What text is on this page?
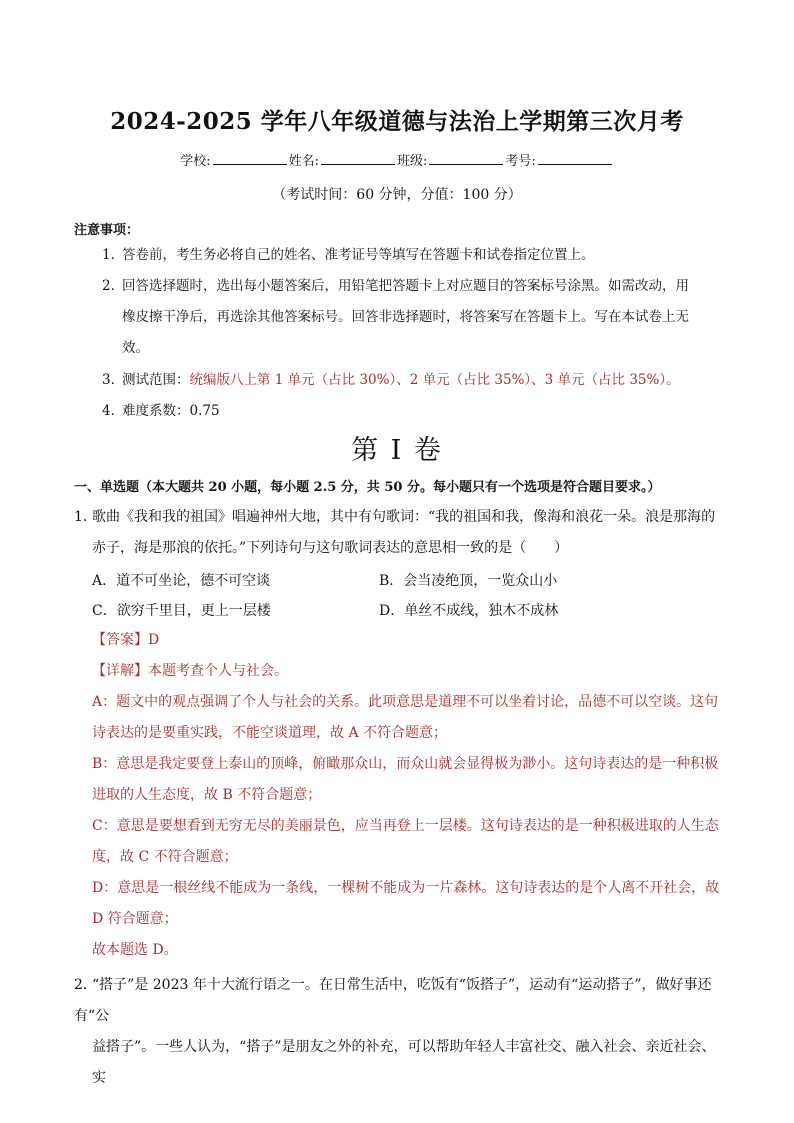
2024-2025 学年八年级道德与法治上学期第三次月考
学校:	姓名:	班级:	考号:
（考试时间：60 分钟，分值：100 分）
注意事项：
1．答卷前，考生务必将自己的姓名、准考证号等填写在答题卡和试卷指定位置上。
2．回答选择题时，选出每小题答案后，用铅笔把答题卡上对应题目的答案标号涂黑。如需改动，用
橡皮擦干净后，再选涂其他答案标号。回答非选择题时，将答案写在答题卡上。写在本试卷上无
效。
3．测试范围：统编版八上第 1 单元（占比 30%）、2 单元（占比 35%）、3 单元（占比 35%）。
4．难度系数：0.75
第 I 卷
一、单选题（本大题共 20 小题，每小题 2.5 分，共 50 分。每小题只有一个选项是符合题目要求。）
1．歌曲《我和我的祖国》唱遍神州大地，其中有句歌词：“我的祖国和我，像海和浪花一朵。浪是那海的
赤子，海是那浪的依托。”下列诗句与这句歌词表达的意思相一致的是（　　）
A．道不可坐论，德不可空谈	B．会当凌绝顶，一览众山小
C．欲穷千里目，更上一层楼	D．单丝不成线，独木不成林

【答案】D

【详解】本题考查个人与社会。

A：题文中的观点强调了个人与社会的关系。此项意思是道理不可以坐着讨论，品德不可以空谈。这句

诗表达的是要重实践，不能空谈道理，故 A 不符合题意；

B：意思是我定要登上泰山的顶峰，俯瞰那众山，而众山就会显得极为渺小。这句诗表达的是一种积极

进取的人生态度，故 B 不符合题意；

C：意思是要想看到无穷无尽的美丽景色，应当再登上一层楼。这句诗表达的是一种积极进取的人生态

度，故 C 不符合题意；

D：意思是一根丝线不能成为一条线，一棵树不能成为一片森林。这句诗表达的是个人离不开社会，故

D 符合题意；

故本题选 D。

2．“搭子”是 2023 年十大流行语之一。在日常生活中，吃饭有“饭搭子”，运动有“运动搭子”，做好事还有“公
益搭子”。一些人认为，“搭子”是朋友之外的补充，可以帮助年轻人丰富社交、融入社会、亲近社会、实
